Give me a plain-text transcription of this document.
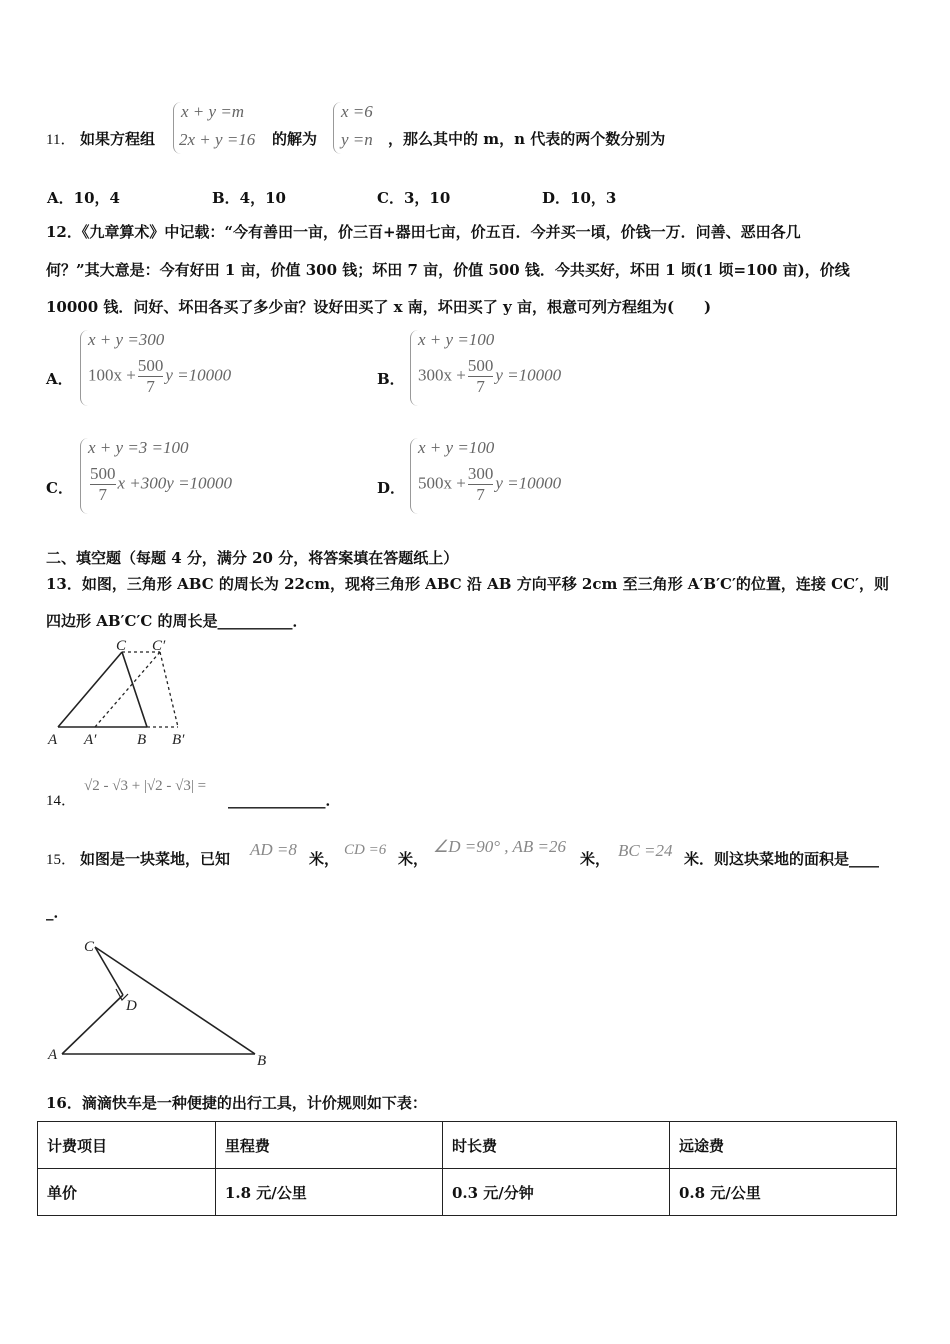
11． 如果方程组
x + y =m
2x + y =16 的解为
x =6
y =n ，那么其中的 m，n 代表的两个数分别为
A．10，4	B．4，10	C．3，10	D．10，3
12．《九章算术》中记载：“今有善田一亩，价三百+器田七亩，价五百．今并买一頃，价钱一万．问善、恶田各几
何？”其大意是：今有好田 1 亩，价值 300 钱；坏田 7 亩，价值 500 钱．今共买好，坏田 1 顷(1 顷=100 亩)，价线
10000 钱．问好、坏田各买了多少亩？设好田买了 x 南，坏田买了 y 亩，根意可列方程组为(　　)
A．
x + y =300
$100x + \frac{500}{7}$ y =10000	B．
x + y =100
$300x + \frac{500}{7}$ y =10000
C．
x + y =3 =100
$\frac{500}{7}$ x +300y =10000	D．
x + y =100
$500x + \frac{300}{7}$ y =10000
二、填空题（每题 4 分，满分 20 分，将答案填在答题纸上）
13．如图，三角形 ABC 的周长为 22cm，现将三角形 ABC 沿 AB 方向平移 2cm 至三角形 A′B′C′的位置，连接 CC′，则
四边形 AB′C′C 的周长是__________．
C C′
A A′	B B′
14．
√2 - √3 + |√2 - √3| =
_____________．
15． 如图是一块菜地，已知 AD =8 米， CD =6 米，
∠D =90° , AB =26
米， BC =24 米．则这块菜地的面积是____
_．
C
D
A	B
16．滴滴快车是一种便捷的出行工具，计价规则如下表：
计费项目	里程费	时长费	远途费
单价	1.8 元/公里	0.3 元/分钟	0.8 元/公里
